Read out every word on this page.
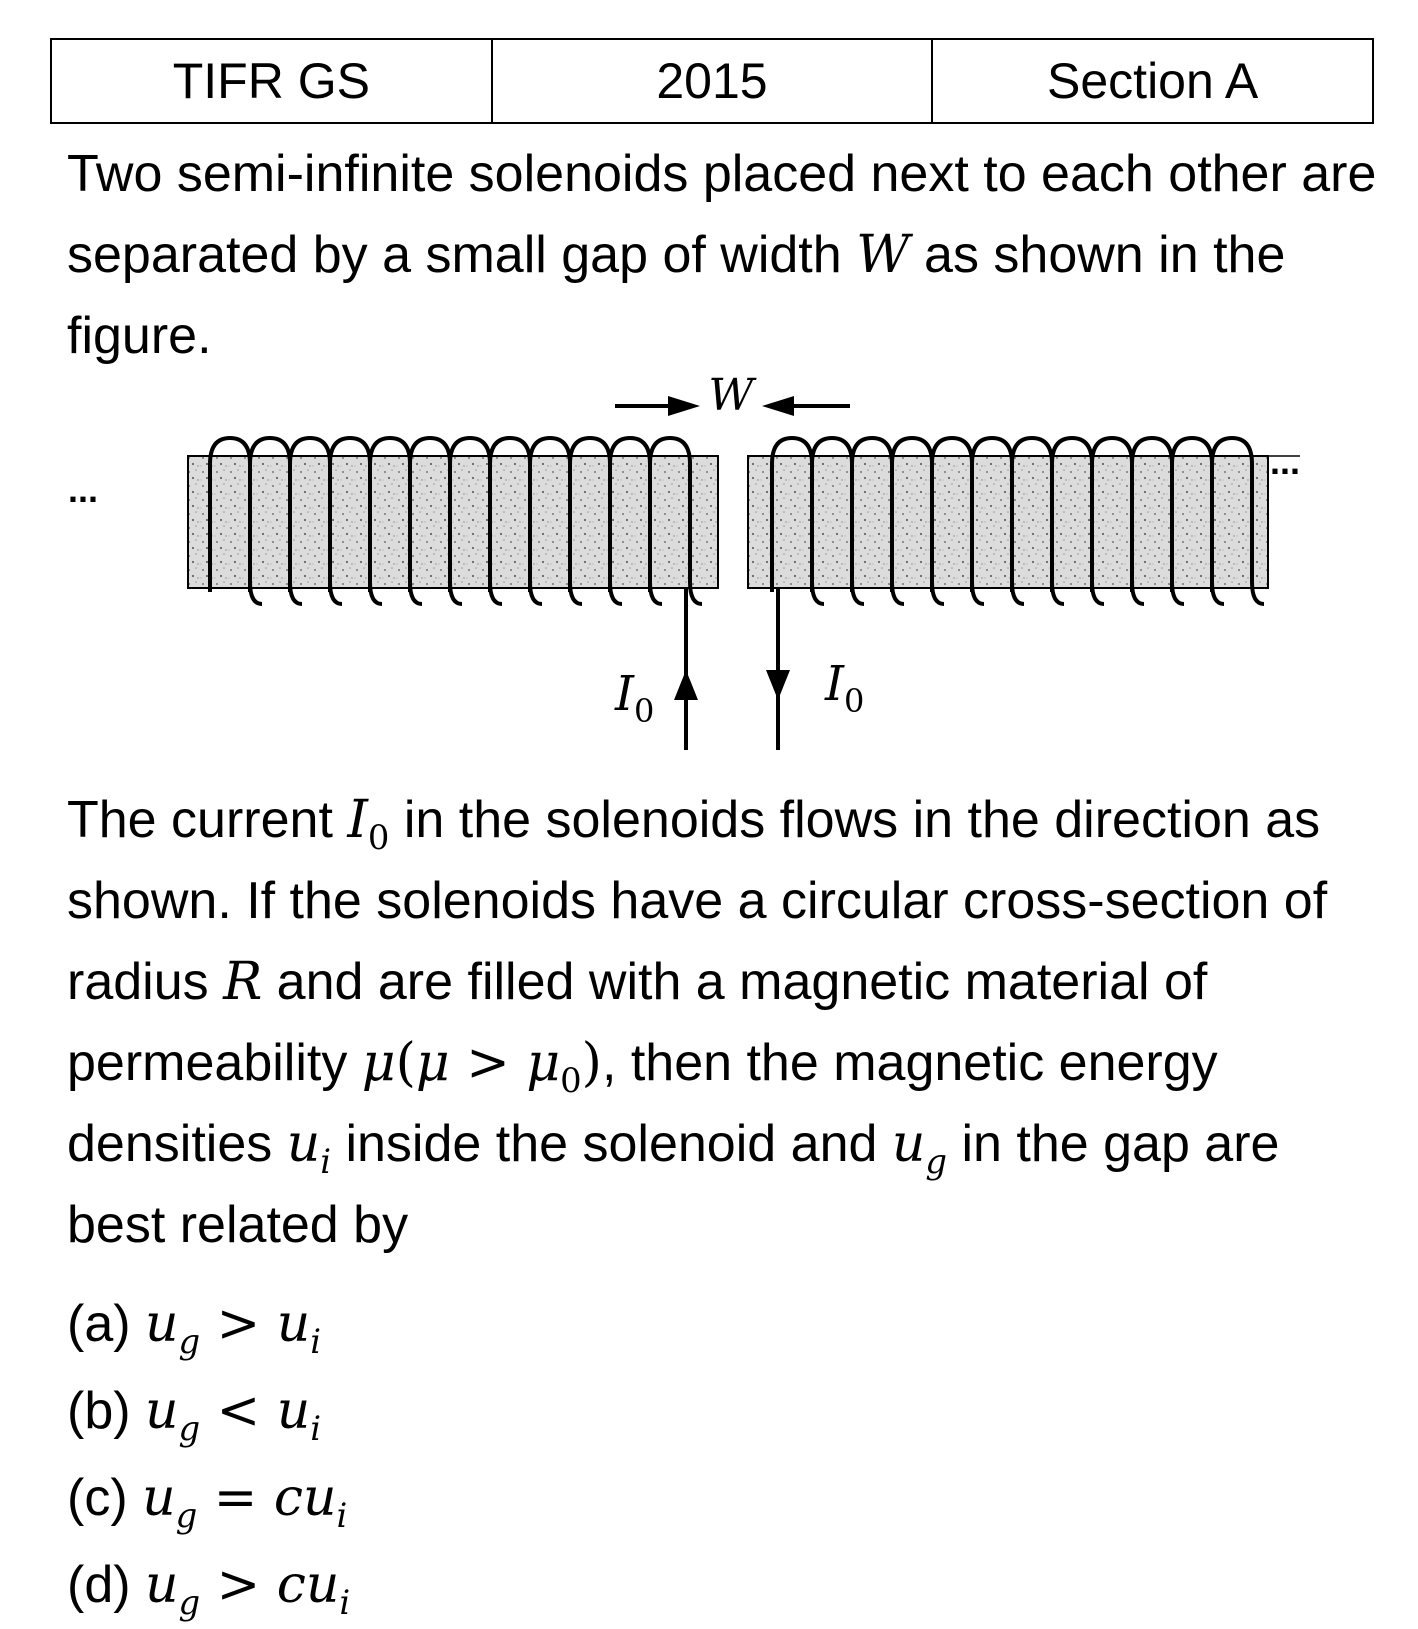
TIFR GS	2015	Section A
Two semi-infinite solenoids placed next to each other are separated by a small gap of width W as shown in the figure.
W
$I_0$	$I_0$
...
...
The current $I_0$ in the solenoids flows in the direction as shown. If the solenoids have a circular cross-section of radius R and are filled with a magnetic material of permeability $\mu(\mu > \mu_0)$, then the magnetic energy densities $u_i$ inside the solenoid and $u_g$ in the gap are best related by
(a) $u_g > u_i$
(b) $u_g < u_i$
(c) $u_g = cu_i$
(d) $u_g > cu_i$
